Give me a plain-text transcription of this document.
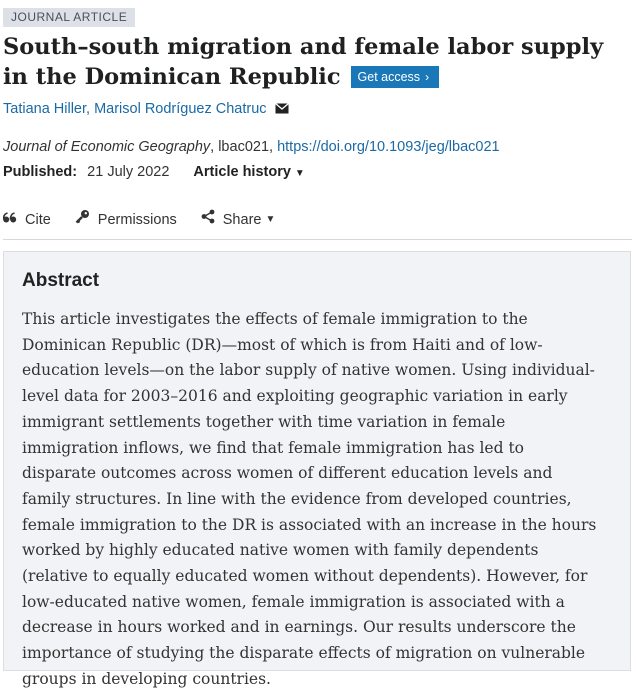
JOURNAL ARTICLE
South–south migration and female labor supply in the Dominican Republic Get access ›
Tatiana Hiller, Marisol Rodríguez Chatruc
Journal of Economic Geography, lbac021, https://doi.org/10.1093/jeg/lbac021
Published: 21 July 2022 Article history ▼
Cite	Permissions	Share ▼
Abstract

This article investigates the effects of female immigration to the Dominican Republic (DR)—most of which is from Haiti and of low-education levels—on the labor supply of native women. Using individual-level data for 2003–2016 and exploiting geographic variation in early immigrant settlements together with time variation in female immigration inflows, we find that female immigration has led to disparate outcomes across women of different education levels and family structures. In line with the evidence from developed countries, female immigration to the DR is associated with an increase in the hours worked by highly educated native women with family dependents (relative to equally educated women without dependents). However, for low-educated native women, female immigration is associated with a decrease in hours worked and in earnings. Our results underscore the importance of studying the disparate effects of migration on vulnerable groups in developing countries.
